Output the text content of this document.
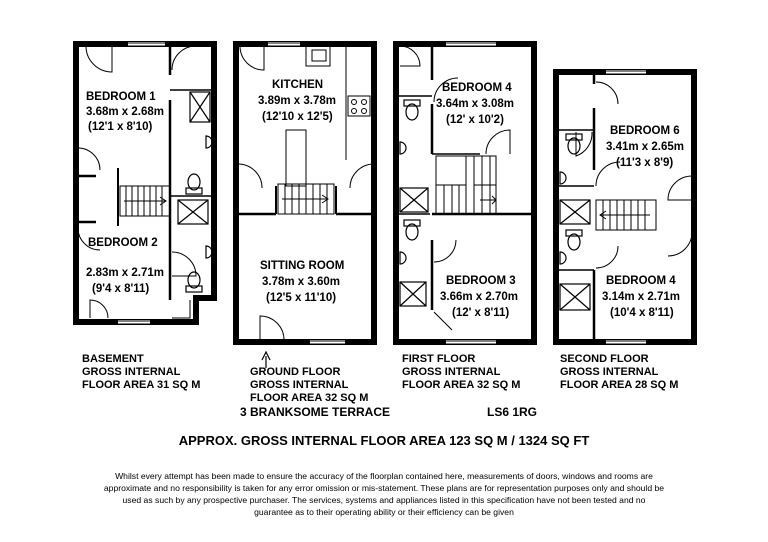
BEDROOM 1
3.68m x 2.68m
(12'1 x 8'10)
BEDROOM 2
2.83m x 2.71m
(9'4 x 8'11)
KITCHEN
3.89m x 3.78m
(12'10 x 12'5)
SITTING ROOM
3.78m x 3.60m
(12'5 x 11'10)
BEDROOM 4
3.64m x 3.08m
(12' x 10'2)
BEDROOM 3
3.66m x 2.70m
(12' x 8'11)
BEDROOM 6
3.41m x 2.65m
(11'3 x 8'9)
BEDROOM 4
3.14m x 2.71m
(10'4 x 8'11)
BASEMENT
GROSS INTERNAL
FLOOR AREA 31 SQ M
GROUND FLOOR
GROSS INTERNAL
FLOOR AREA 32 SQ M
FIRST FLOOR
GROSS INTERNAL
FLOOR AREA 32 SQ M
SECOND FLOOR
GROSS INTERNAL
FLOOR AREA 28 SQ M
3 BRANKSOME TERRACE	LS6 1RG
APPROX. GROSS INTERNAL FLOOR AREA 123 SQ M / 1324 SQ FT
Whilst every attempt has been made to ensure the accuracy of the floorplan contained here, measurements of doors, windows and rooms are
approximate and no responsibility is taken for any error omission or mis-statement. These plans are for representation purposes only and should be
used as such by any prospective purchaser. The services, systems and appliances listed in this specification have not been tested and no
guarantee as to their operating ability or their efficiency can be given
